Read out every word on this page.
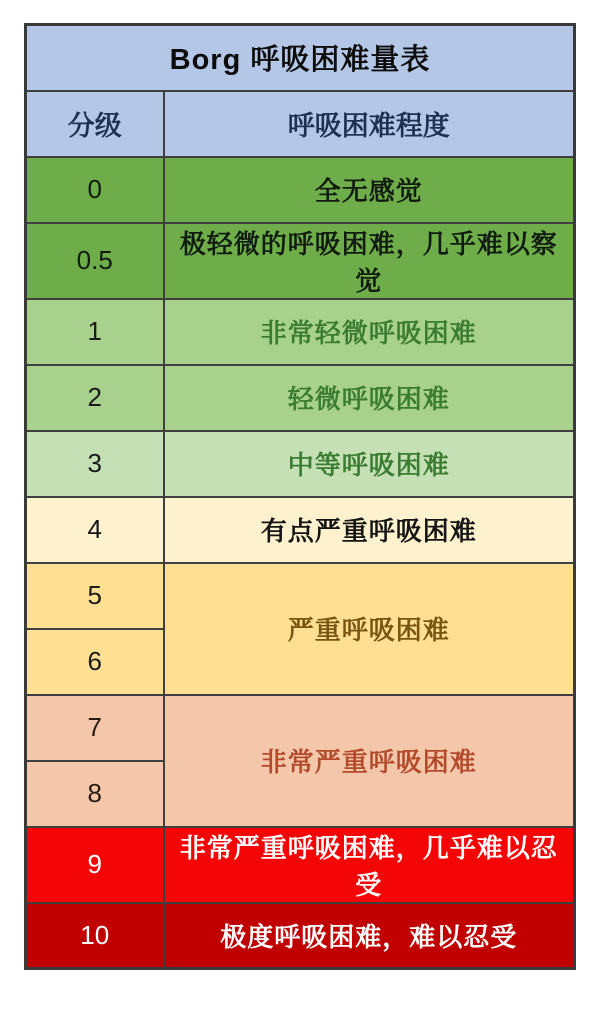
Borg 呼吸困难量表	
分级	呼吸困难程度
0	全无感觉
0.5	极轻微的呼吸困难，几乎难以察觉
1	非常轻微呼吸困难
2	轻微呼吸困难
3	中等呼吸困难
4	有点严重呼吸困难
5	严重呼吸困难
6	
7	非常严重呼吸困难
8	
9	非常严重呼吸困难，几乎难以忍受
10	极度呼吸困难，难以忍受
